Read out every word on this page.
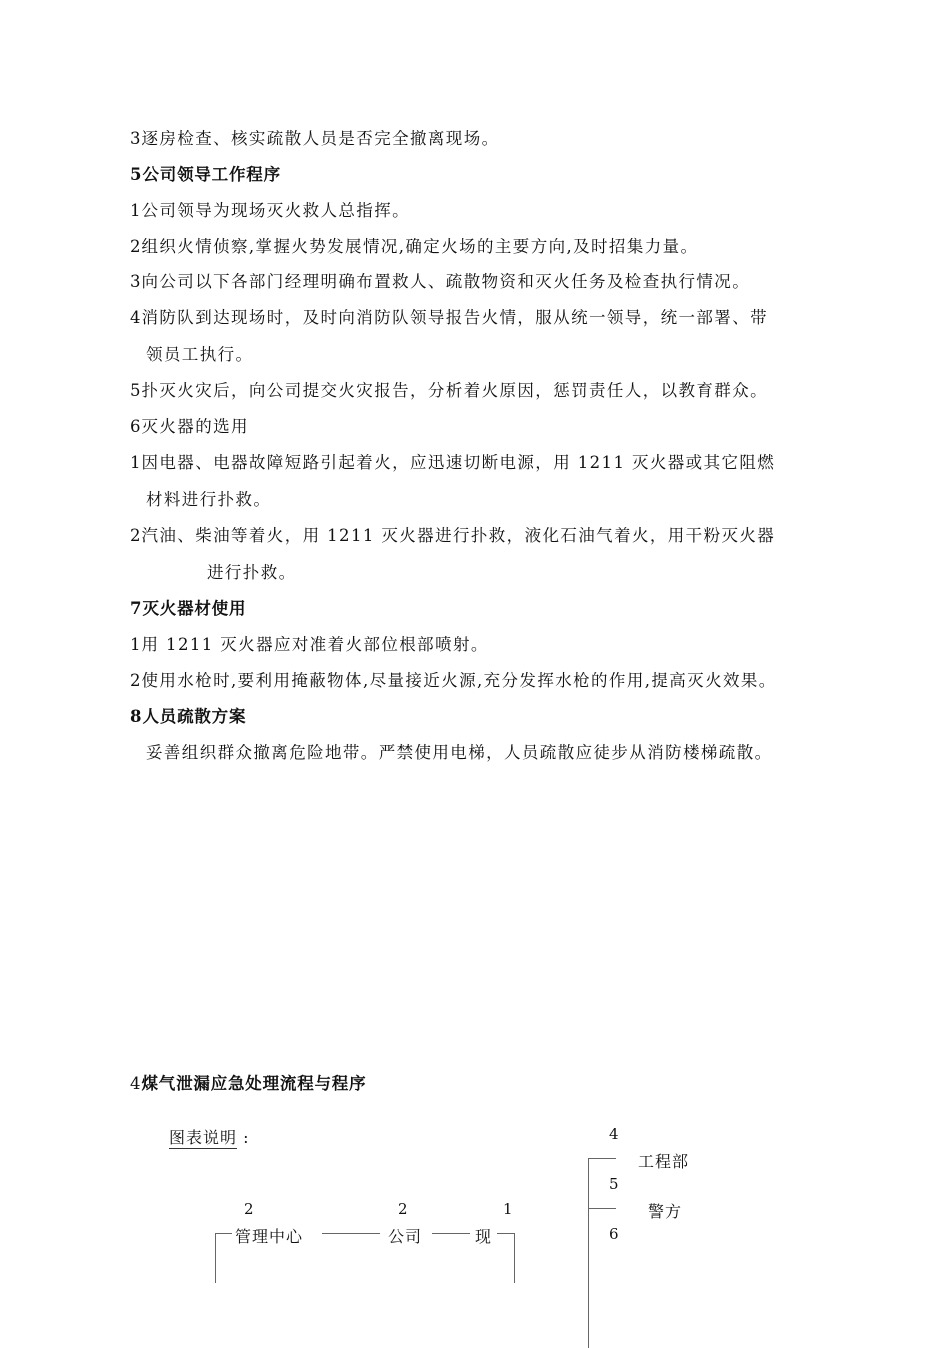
3逐房检查、核实疏散人员是否完全撤离现场。
5公司领导工作程序
1公司领导为现场灭火救人总指挥。
2组织火情侦察,掌握火势发展情况,确定火场的主要方向,及时招集力量。
3向公司以下各部门经理明确布置救人、疏散物资和灭火任务及检查执行情况。
4消防队到达现场时，及时向消防队领导报告火情，服从统一领导，统一部署、带
领员工执行。
5扑灭火灾后，向公司提交火灾报告，分析着火原因，惩罚责任人，以教育群众。
6灭火器的选用
1因电器、电器故障短路引起着火，应迅速切断电源，用 1211 灭火器或其它阻燃
材料进行扑救。
2汽油、柴油等着火，用 1211 灭火器进行扑救，液化石油气着火，用干粉灭火器
进行扑救。
7灭火器材使用
1用 1211 灭火器应对准着火部位根部喷射。
2使用水枪时,要利用掩蔽物体,尽量接近火源,充分发挥水枪的作用,提高灭火效果。
8人员疏散方案
妥善组织群众撤离危险地带。严禁使用电梯，人员疏散应徒步从消防楼梯疏散。
4煤气泄漏应急处理流程与程序
图表说明 :	4
工程部
5
警方
6
2	2	1
管理中心	公司	现
